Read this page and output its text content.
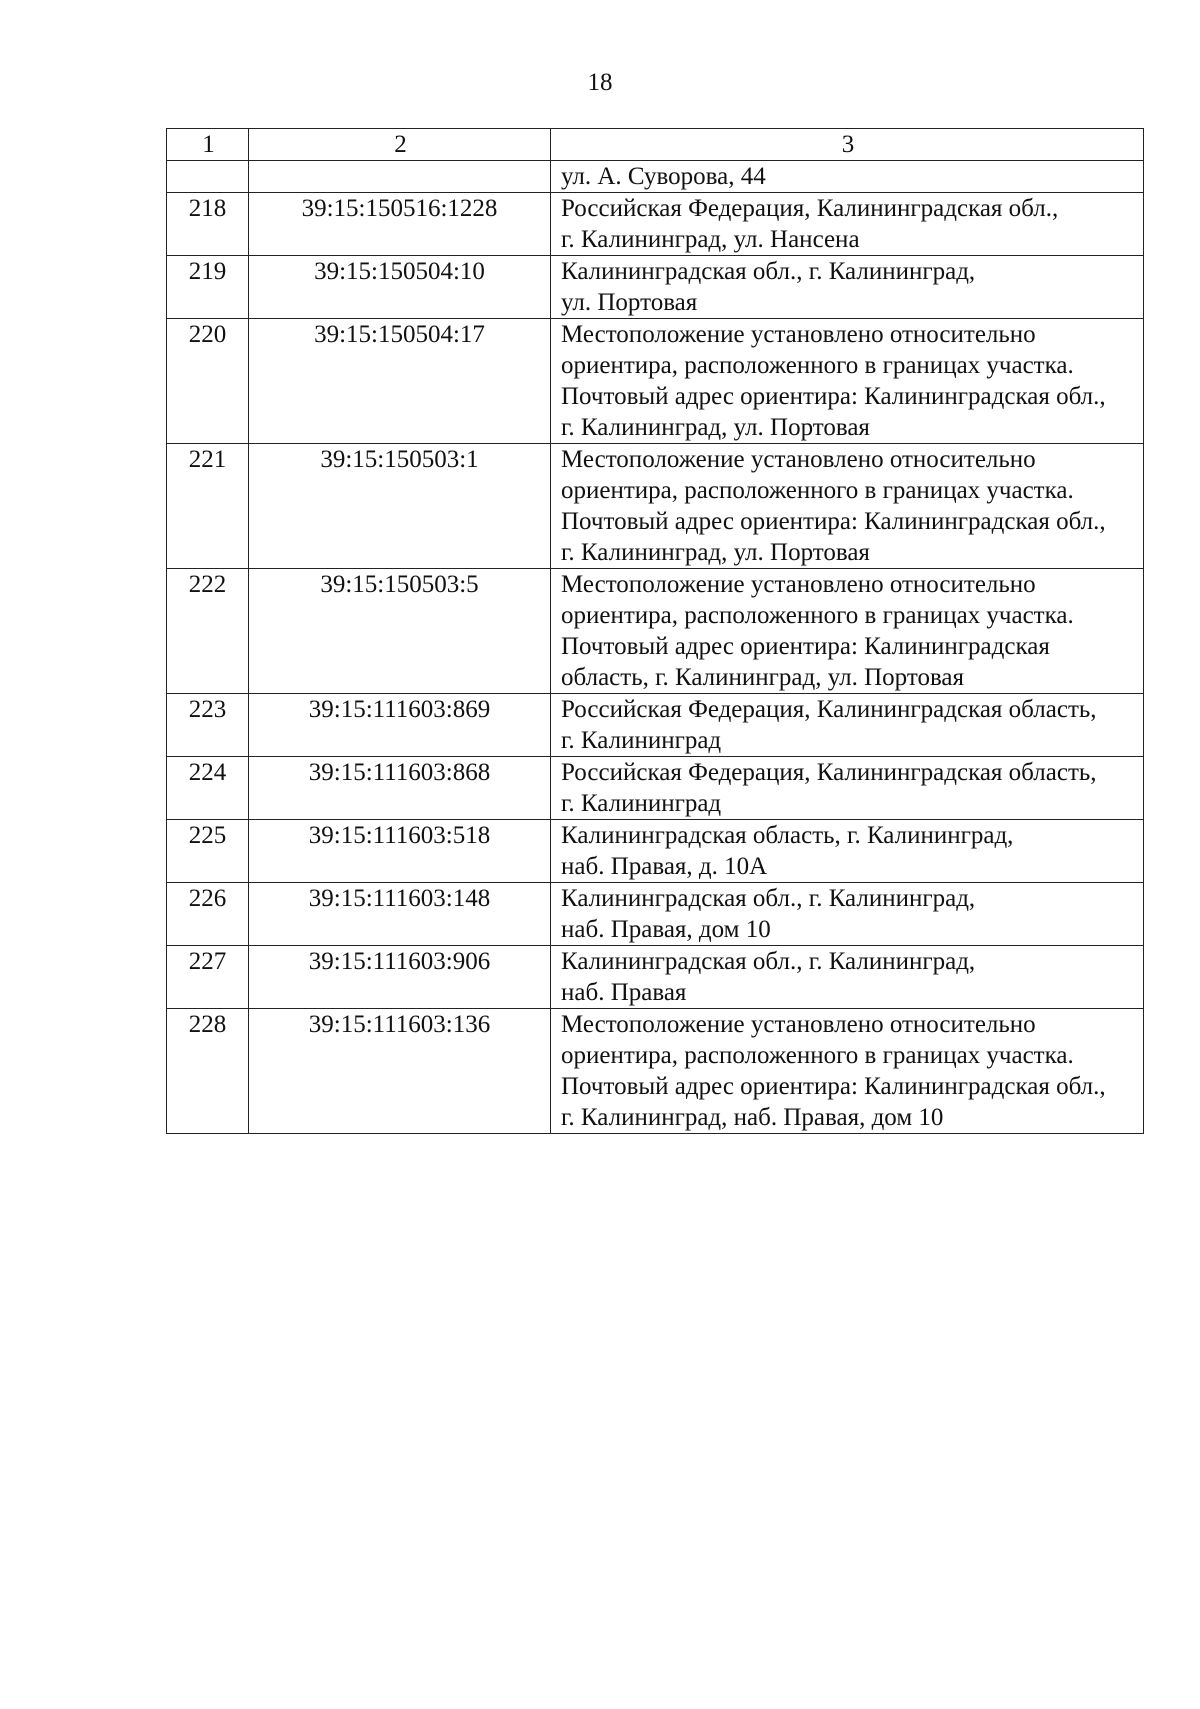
18
1	2	3

		ул. А. Суворова, 44

218	39:15:150516:1228	Российская Федерация, Калининградская обл.,
г. Калининград, ул. Нансена

219	39:15:150504:10	Калининградская обл., г. Калининград,
ул. Портовая

220	39:15:150504:17	Местоположение установлено относительно
ориентира, расположенного в границах участка.
Почтовый адрес ориентира: Калининградская обл.,
г. Калининград, ул. Портовая

221	39:15:150503:1	Местоположение установлено относительно
ориентира, расположенного в границах участка.
Почтовый адрес ориентира: Калининградская обл.,
г. Калининград, ул. Портовая

222	39:15:150503:5	Местоположение установлено относительно
ориентира, расположенного в границах участка.
Почтовый адрес ориентира: Калининградская
область, г. Калининград, ул. Портовая

223	39:15:111603:869	Российская Федерация, Калининградская область,
г. Калининград

224	39:15:111603:868	Российская Федерация, Калининградская область,
г. Калининград

225	39:15:111603:518	Калининградская область, г. Калининград,
наб. Правая, д. 10А

226	39:15:111603:148	Калининградская обл., г. Калининград,
наб. Правая, дом 10

227	39:15:111603:906	Калининградская обл., г. Калининград,
наб. Правая

228	39:15:111603:136	Местоположение установлено относительно
ориентира, расположенного в границах участка.
Почтовый адрес ориентира: Калининградская обл.,
г. Калининград, наб. Правая, дом 10
